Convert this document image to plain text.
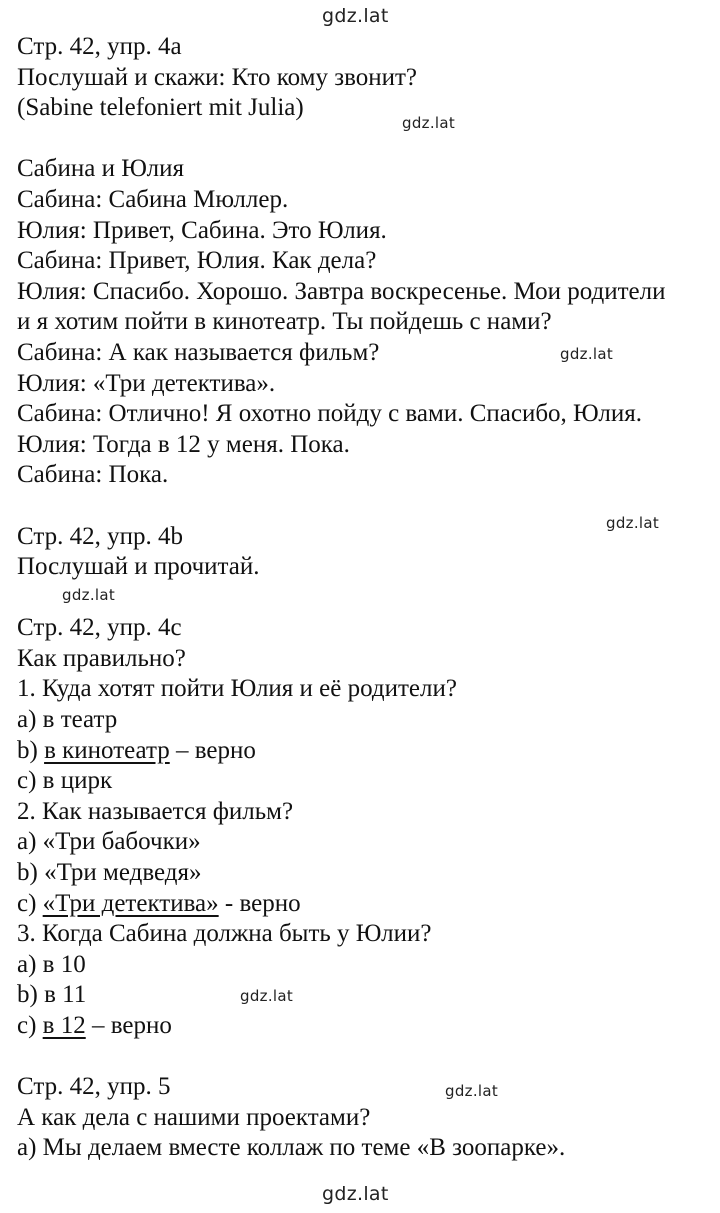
gdz.lat
gdz.lat
gdz.lat
gdz.lat
gdz.lat
gdz.lat
gdz.lat
gdz.lat
Стр. 42, упр. 4а
Послушай и скажи: Кто кому звонит?
(Sabine telefoniert mit Julia)
Сабина и Юлия
Сабина: Сабина Мюллер.
Юлия: Привет, Сабина. Это Юлия.
Сабина: Привет, Юлия. Как дела?
Юлия: Спасибо. Хорошо. Завтра воскресенье. Мои родители
и я хотим пойти в кинотеатр. Ты пойдешь с нами?
Сабина: А как называется фильм?
Юлия: «Три детектива».
Сабина: Отлично! Я охотно пойду с вами. Спасибо, Юлия.
Юлия: Тогда в 12 у меня. Пока.
Сабина: Пока.
Стр. 42, упр. 4b
Послушай и прочитай.
Стр. 42, упр. 4с
Как правильно?
1. Куда хотят пойти Юлия и её родители?
а) в театр
b) в кинотеатр – верно
c) в цирк
2. Как называется фильм?
а) «Три бабочки»
b) «Три медведя»
c) «Три детектива» - верно
3. Когда Сабина должна быть у Юлии?
а) в 10
b) в 11
c) в 12 – верно
Стр. 42, упр. 5
А как дела с нашими проектами?
а) Мы делаем вместе коллаж по теме «В зоопарке».
